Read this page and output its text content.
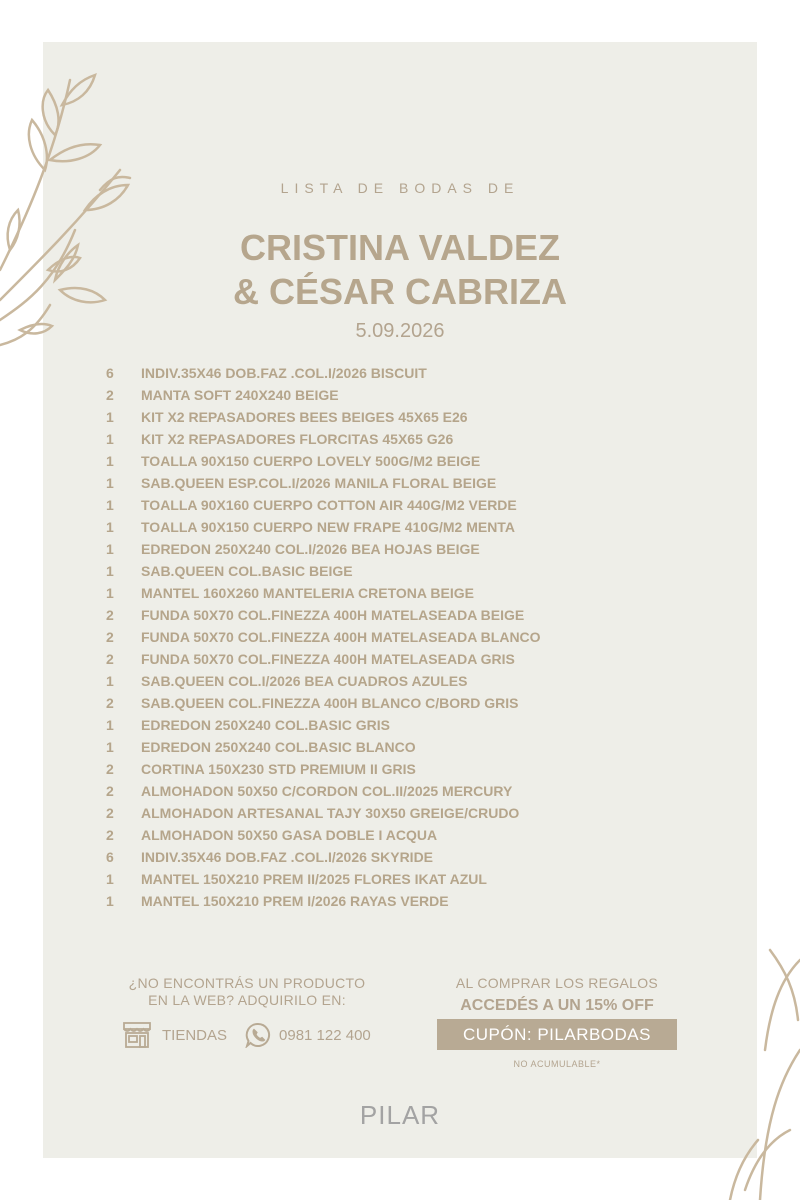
LISTA DE BODAS DE
CRISTINA VALDEZ
& CÉSAR CABRIZA
5.09.2026
6	INDIV.35X46 DOB.FAZ .COL.I/2026 BISCUIT
2	MANTA SOFT 240X240 BEIGE
1	KIT X2 REPASADORES BEES BEIGES 45X65 E26
1	KIT X2 REPASADORES FLORCITAS 45X65 G26
1	TOALLA 90X150 CUERPO LOVELY 500G/M2 BEIGE
1	SAB.QUEEN ESP.COL.I/2026 MANILA FLORAL BEIGE
1	TOALLA 90X160 CUERPO COTTON AIR 440G/M2 VERDE
1	TOALLA 90X150 CUERPO NEW FRAPE 410G/M2 MENTA
1	EDREDON 250X240 COL.I/2026 BEA HOJAS BEIGE
1	SAB.QUEEN COL.BASIC BEIGE
1	MANTEL 160X260 MANTELERIA CRETONA BEIGE
2	FUNDA 50X70 COL.FINEZZA 400H MATELASEADA BEIGE
2	FUNDA 50X70 COL.FINEZZA 400H MATELASEADA BLANCO
2	FUNDA 50X70 COL.FINEZZA 400H MATELASEADA GRIS
1	SAB.QUEEN COL.I/2026 BEA CUADROS AZULES
2	SAB.QUEEN COL.FINEZZA 400H BLANCO C/BORD GRIS
1	EDREDON 250X240 COL.BASIC GRIS
1	EDREDON 250X240 COL.BASIC BLANCO
2	CORTINA 150X230 STD PREMIUM II GRIS
2	ALMOHADON 50X50 C/CORDON COL.II/2025 MERCURY
2	ALMOHADON ARTESANAL TAJY 30X50 GREIGE/CRUDO
2	ALMOHADON 50X50 GASA DOBLE I ACQUA
6	INDIV.35X46 DOB.FAZ .COL.I/2026 SKYRIDE
1	MANTEL 150X210 PREM II/2025 FLORES IKAT AZUL
1	MANTEL 150X210 PREM I/2026 RAYAS VERDE
¿NO ENCONTRÁS UN PRODUCTO
EN LA WEB? ADQUIRILO EN:
TIENDAS	0981 122 400
AL COMPRAR LOS REGALOS
ACCEDÉS A UN 15% OFF
CUPÓN: PILARBODAS
NO ACUMULABLE*
PILAR
